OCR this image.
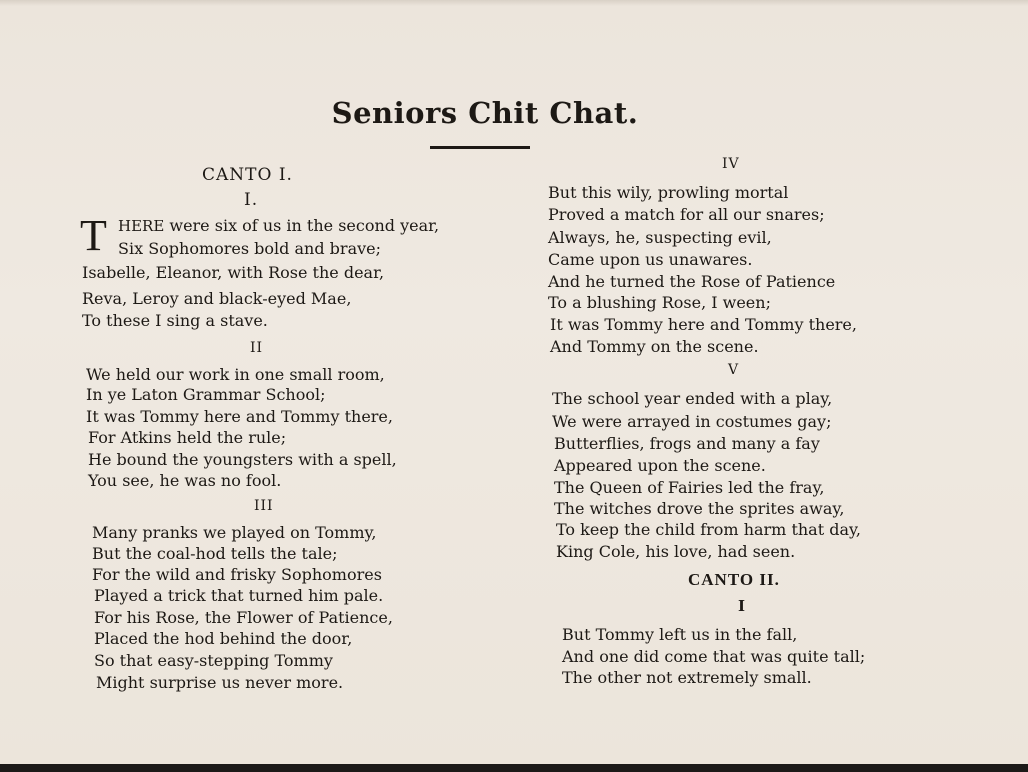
Seniors Chit Chat.
CANTO I.
I.
T HERE were six of us in the second year,
Six Sophomores bold and brave;
Isabelle, Eleanor, with Rose the dear,
Reva, Leroy and black-eyed Mae,
To these I sing a stave.
II
We held our work in one small room,
In ye Laton Grammar School;
It was Tommy here and Tommy there,
For Atkins held the rule;
He bound the youngsters with a spell,
You see, he was no fool.
III
Many pranks we played on Tommy,
But the coal-hod tells the tale;
For the wild and frisky Sophomores
Played a trick that turned him pale.
For his Rose, the Flower of Patience,
Placed the hod behind the door,
So that easy-stepping Tommy
Might surprise us never more.
IV
But this wily, prowling mortal
Proved a match for all our snares;
Always, he, suspecting evil,
Came upon us unawares.
And he turned the Rose of Patience
To a blushing Rose, I ween;
It was Tommy here and Tommy there,
And Tommy on the scene.
V
The school year ended with a play,
We were arrayed in costumes gay;
Butterflies, frogs and many a fay
Appeared upon the scene.
The Queen of Fairies led the fray,
The witches drove the sprites away,
To keep the child from harm that day,
King Cole, his love, had seen.
CANTO II.
I
But Tommy left us in the fall,
And one did come that was quite tall;
The other not extremely small.
